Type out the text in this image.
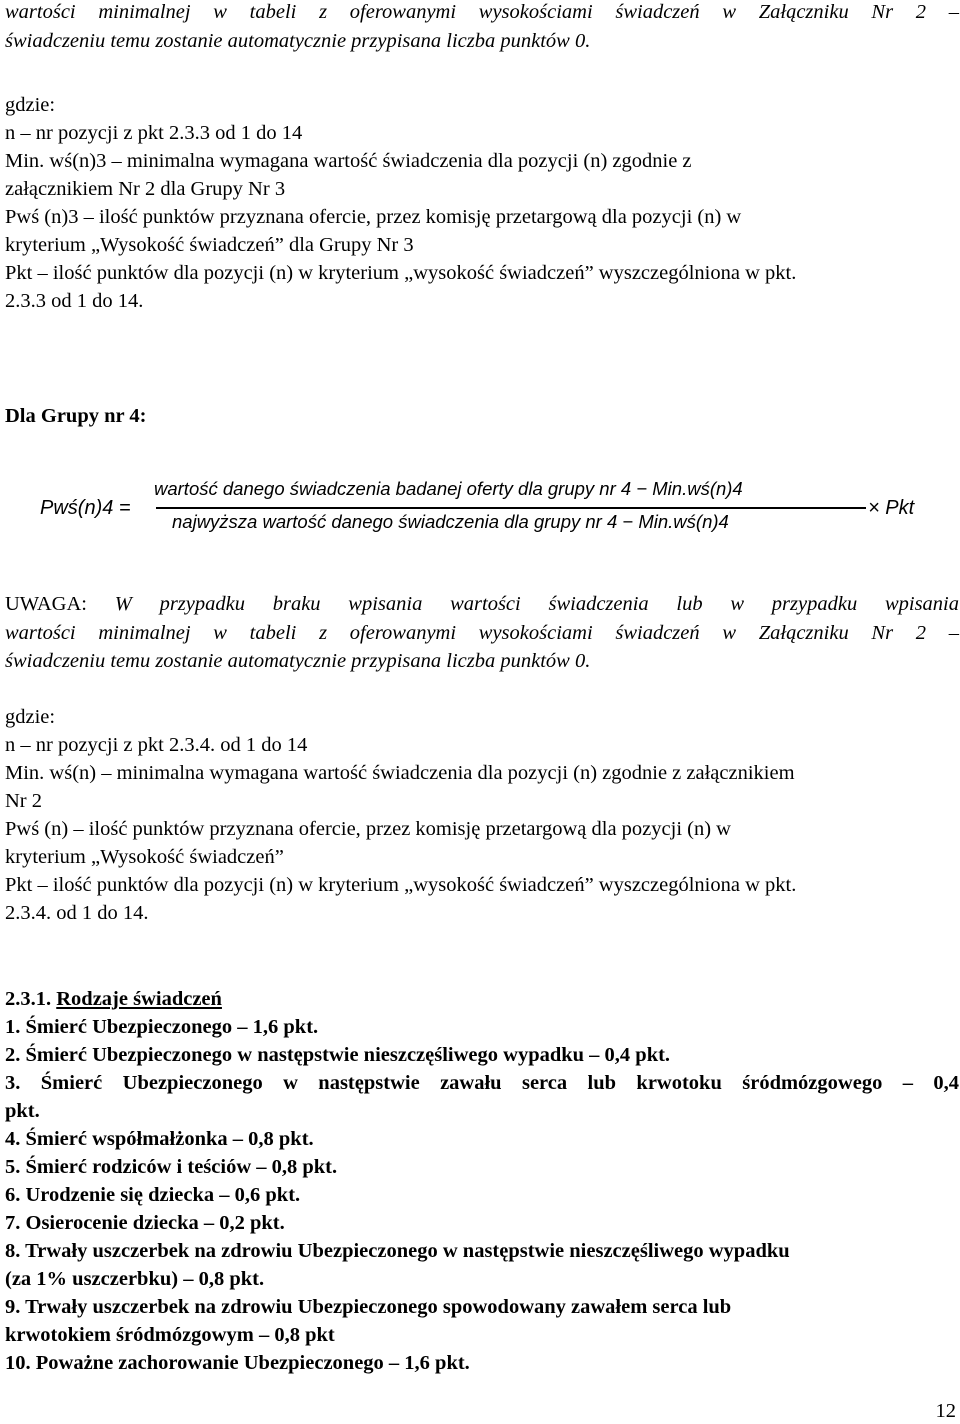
wartości minimalnej w tabeli z oferowanymi wysokościami świadczeń w Załączniku Nr 2 –
świadczeniu temu zostanie automatycznie przypisana liczba punktów 0.
gdzie:
n – nr pozycji z pkt 2.3.3 od 1 do 14
Min. wś(n)3 – minimalna wymagana wartość świadczenia dla pozycji (n) zgodnie z
załącznikiem Nr 2 dla Grupy Nr 3
Pwś (n)3 – ilość punktów przyznana ofercie, przez komisję przetargową dla pozycji (n) w
kryterium „Wysokość świadczeń” dla Grupy Nr 3
Pkt – ilość punktów dla pozycji (n) w kryterium „wysokość świadczeń” wyszczególniona w pkt.
2.3.3 od 1 do 14.
Dla Grupy nr 4:
Pwś(n)4 =
wartość danego świadczenia badanej oferty dla grupy nr 4 − Min.wś(n)4
najwyższa wartość danego świadczenia dla grupy nr 4 − Min.wś(n)4
× Pkt
UWAGA: W przypadku braku wpisania wartości świadczenia lub w przypadku wpisania
wartości minimalnej w tabeli z oferowanymi wysokościami świadczeń w Załączniku Nr 2 –
świadczeniu temu zostanie automatycznie przypisana liczba punktów 0.
gdzie:
n – nr pozycji z pkt 2.3.4. od 1 do 14
Min. wś(n) – minimalna wymagana wartość świadczenia dla pozycji (n) zgodnie z załącznikiem
Nr 2
Pwś (n) – ilość punktów przyznana ofercie, przez komisję przetargową dla pozycji (n) w
kryterium „Wysokość świadczeń”
Pkt – ilość punktów dla pozycji (n) w kryterium „wysokość świadczeń” wyszczególniona w pkt.
2.3.4. od 1 do 14.
2.3.1. Rodzaje świadczeń
1. Śmierć Ubezpieczonego – 1,6 pkt.
2. Śmierć Ubezpieczonego w następstwie nieszczęśliwego wypadku – 0,4 pkt.
3. Śmierć Ubezpieczonego w następstwie zawału serca lub krwotoku śródmózgowego – 0,4
pkt.
4. Śmierć współmałżonka – 0,8 pkt.
5. Śmierć rodziców i teściów – 0,8 pkt.
6. Urodzenie się dziecka – 0,6 pkt.
7. Osierocenie dziecka – 0,2 pkt.
8. Trwały uszczerbek na zdrowiu Ubezpieczonego w następstwie nieszczęśliwego wypadku
(za 1% uszczerbku) – 0,8 pkt.
9. Trwały uszczerbek na zdrowiu Ubezpieczonego spowodowany zawałem serca lub
krwotokiem śródmózgowym – 0,8 pkt
10. Poważne zachorowanie Ubezpieczonego – 1,6 pkt.
12
